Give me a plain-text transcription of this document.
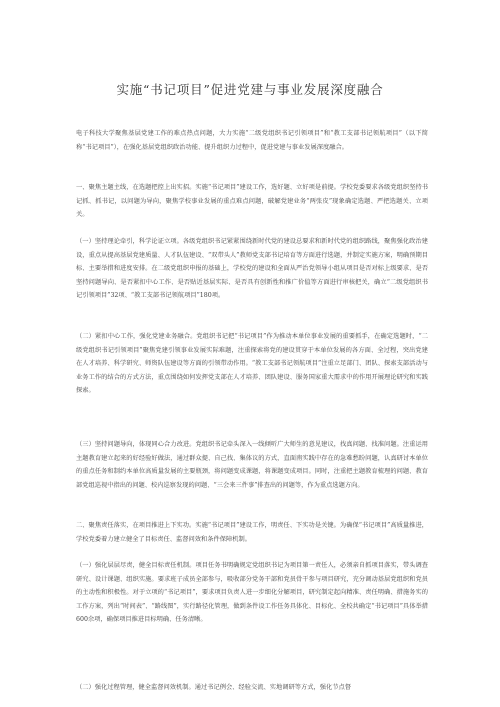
实施“书记项目”促进党建与事业发展深度融合

电子科技大学聚焦基层党建工作的难点热点问题，大力实施“二级党组织书记引领项目”和“教工支部书记领航项目”（以下简称“书记项目”），在强化基层党组织政治功能、提升组织力过程中，促进党建与事业发展深度融合。

一、聚焦主题主线，在选题把控上出实招。实施“书记项目”建设工作，选好题、立好项是前提。学校党委要求各级党组织坚持书记抓、抓书记，以问题为导向，聚焦学校事业发展的重点难点问题，破解党建业务“两张皮”现象确定选题、严把选题关、立项关。

（一）坚持理论牵引，科学论证立项。各级党组织书记紧紧围绕新时代党的建设总要求和新时代党的组织路线，聚焦强化政治建设，重点从提高基层党建质量、人才队伍建设、“双带头人”教师党支部书记培育等方面进行选题，并制定实施方案，明确预期目标、主要举措和进度安排。在二级党组织申报的基础上，学校党的建设和全面从严治党领导小组从项目是否对标上级要求、是否坚持问题导向、是否紧扣中心工作、是否贴近基层实际、是否具有创新性和推广价值等方面进行审核把关，确立“二级党组织书记引领项目”32项、“教工支部书记领航项目”180项。

（二）紧扣中心工作，强化党建业务融合。党组织书记把“书记项目”作为推动本单位事业发展的重要抓手，在确定选题时，“二级党组织书记引领项目”聚焦党建引领事业发展实际难题，注重探索将党的建设贯穿于本单位发展的各方面、全过程，突出党建在人才培养、科学研究、师资队伍建设等方面的引领带动作用。“教工支部书记领航项目”注重立足部门、团队、探索支部活动与业务工作的结合的方式方法，重点围绕如何发挥党支部在人才培养、团队建设、服务国家重大需求中的作用开展理论研究和实践探索。

（三）坚持问题导向，体现同心合力改进。党组织书记牵头深入一线倾听广大师生的意见建议，找真问题、找准问题。注重运用主题教育建立起来的好经验好做法，通过群众提、自己找、集体议的方式，直面南实践中存在的急难愁盼问题，认真研讨本单位的重点任务和制约本单位高质量发展的主要瓶颈，将问题变成课题，将课题变成项目。同时，注重把主题教育梳理的问题、教育部党组巡视中指出的问题、校内巡察发现的问题、“三会来三件事”排查出的问题等，作为重点选题方向。

二、聚焦责任落实，在项目推进上下实功。实施“书记项目”建设工作，明责任、下实功是关键。为确保“书记项目”高质量推进，学校党委着力建立健全了目标责任、监督问效和条件保障机制。

（一）强化层层尽责，健全目标责任机制。项目任务书明确规定党组织书记为项目第一责任人，必须亲自抓项目落实，带头调查研究、设计课题、组织实施。要求班子成员全部参与，吸收部分党务干部和党员骨干参与项目研究，充分调动基层党组织和党员的主动性和积极性。对于立项的“书记项目”，要求项目负责人进一步细化分解项目，研究制定起向精准、责任明确、措施务实的工作方案，列出“时间表”、“路线图”，实行路径化管理，做到条件设工作任务具体化、目标化、全校共确定“书记项目”具体举措600余项，确保项目推进目标明确、任务清晰。

（二）强化过程管理，健全监督问效机制。通过书记例会、经验交流、实地调研等方式，强化节点督
